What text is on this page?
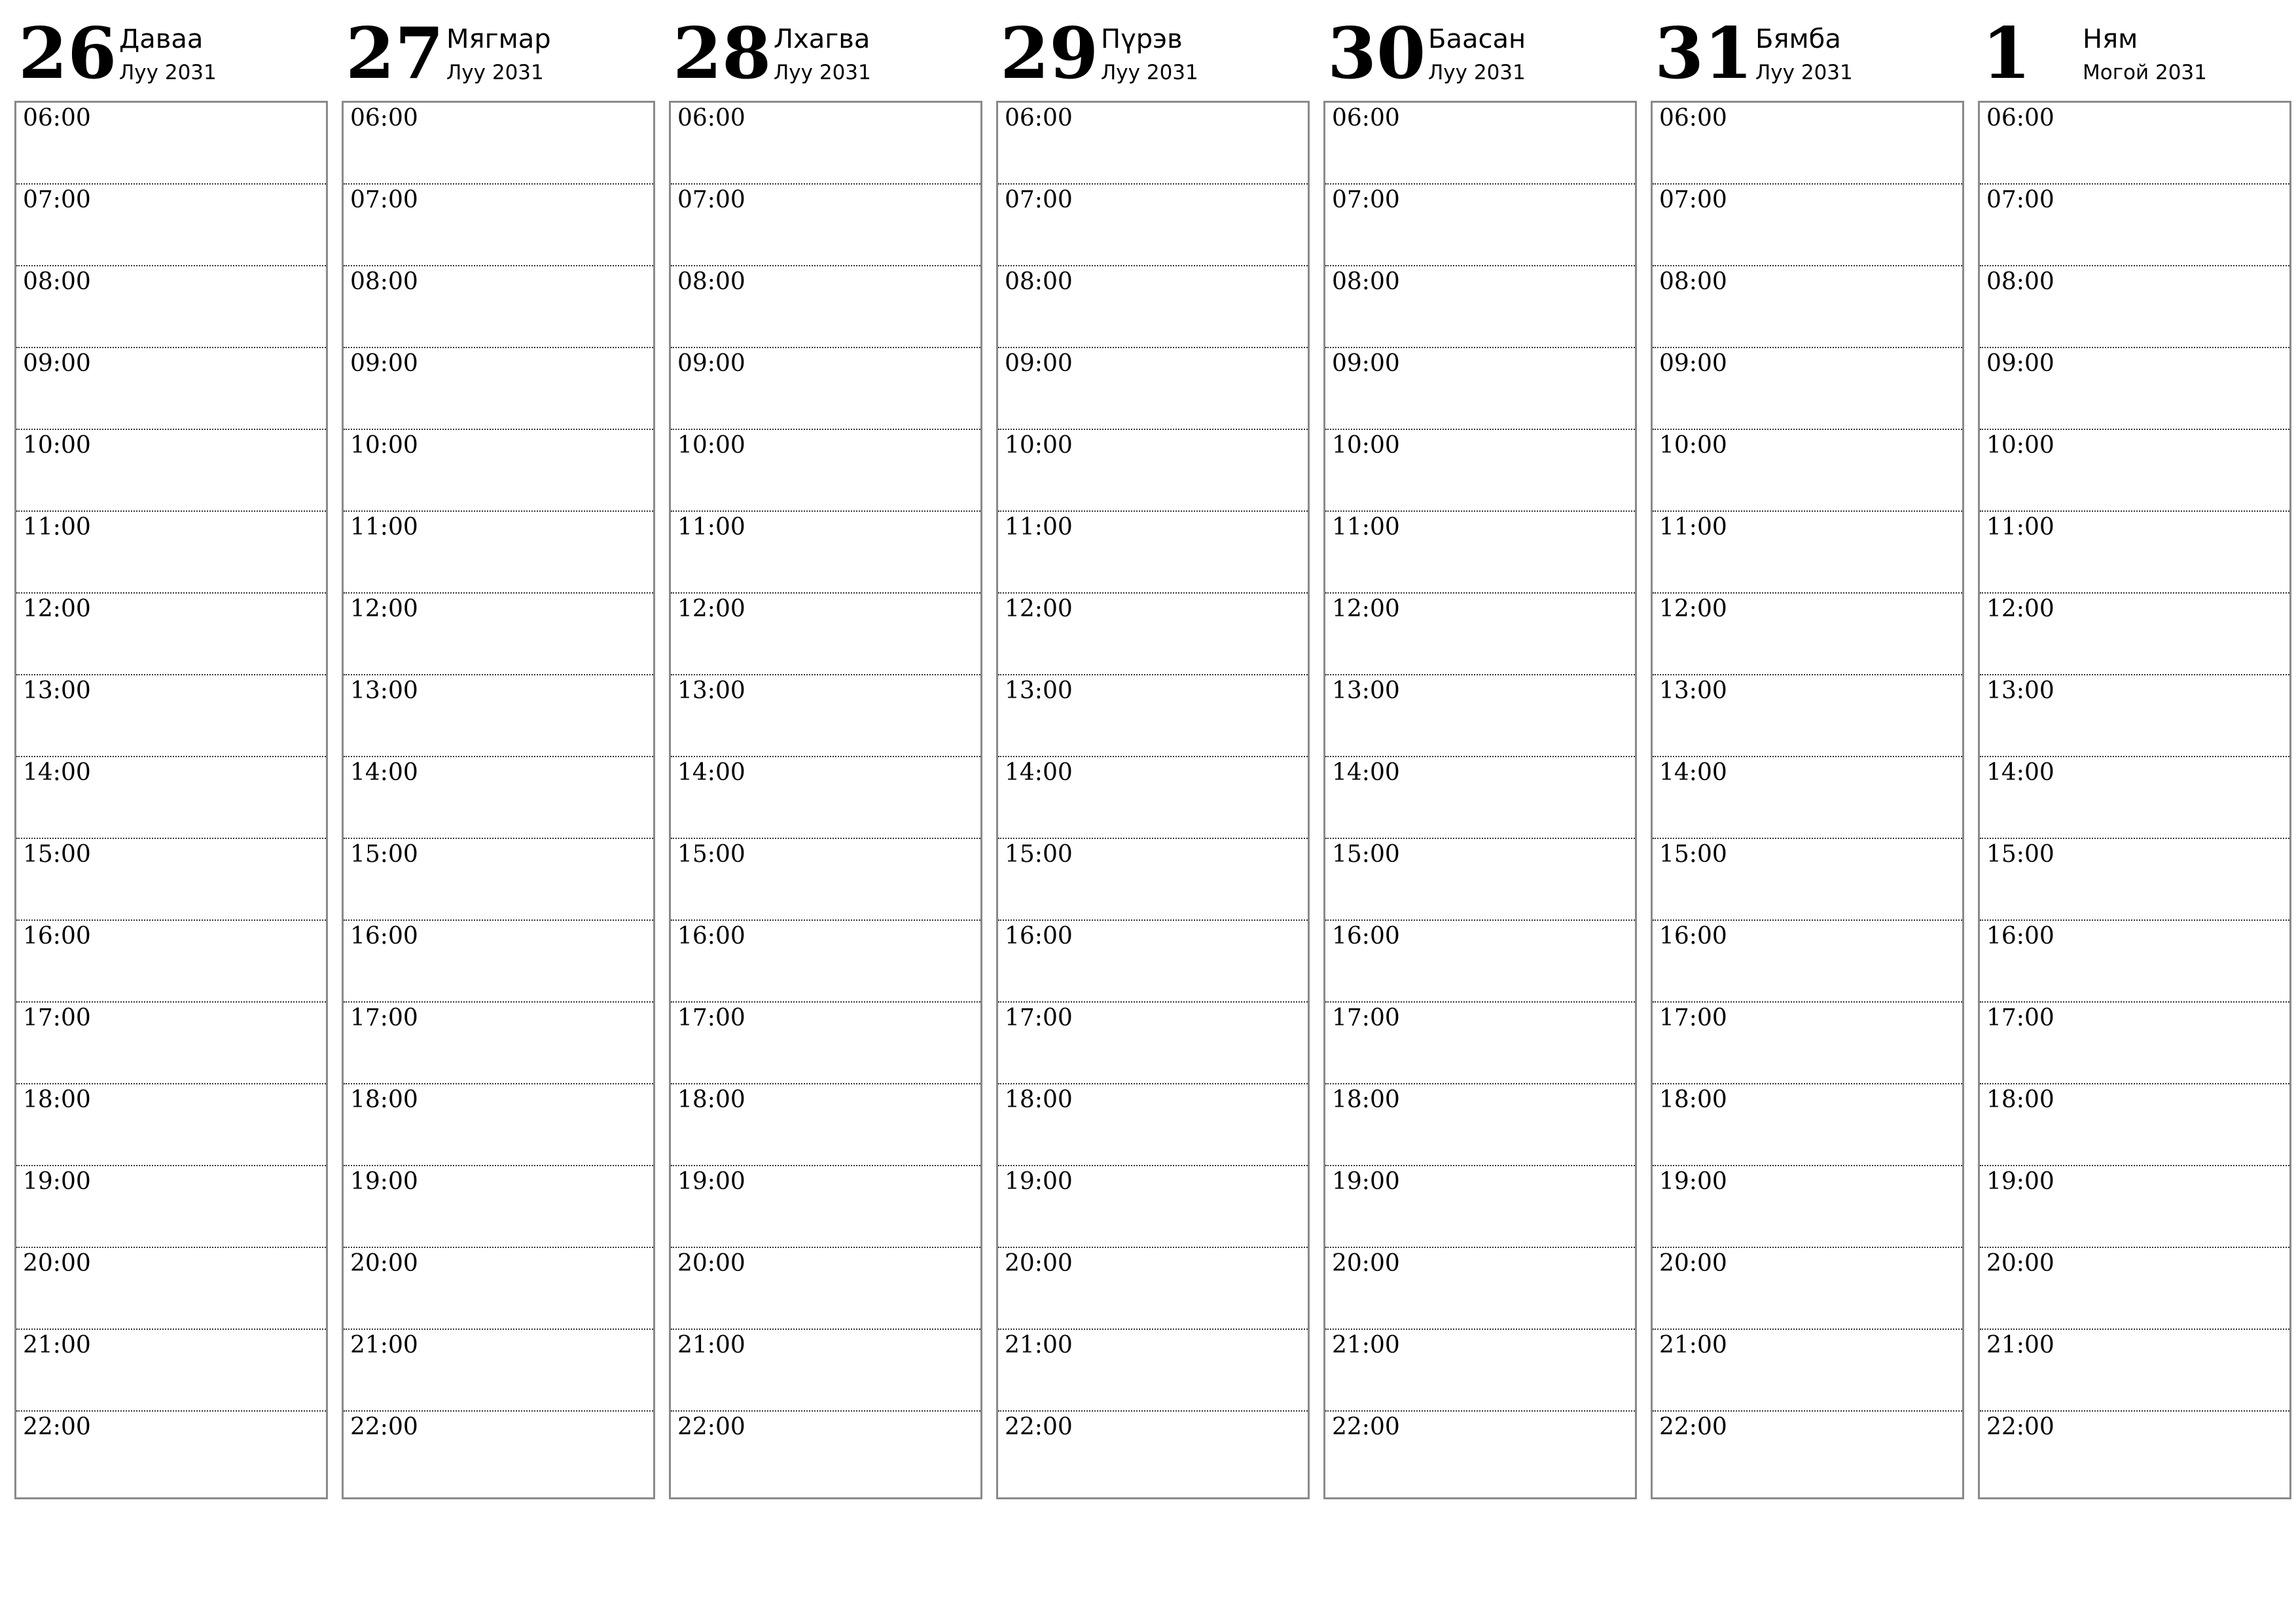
26 Даваа
Луу 2031
06:00
07:00
08:00
09:00
10:00
11:00
12:00
13:00
14:00
15:00
16:00
17:00
18:00
19:00
20:00
21:00
22:00
27 Мягмар
Луу 2031
06:00
07:00
08:00
09:00
10:00
11:00
12:00
13:00
14:00
15:00
16:00
17:00
18:00
19:00
20:00
21:00
22:00
28 Лхагва
Луу 2031
06:00
07:00
08:00
09:00
10:00
11:00
12:00
13:00
14:00
15:00
16:00
17:00
18:00
19:00
20:00
21:00
22:00
29 Пүрэв
Луу 2031
06:00
07:00
08:00
09:00
10:00
11:00
12:00
13:00
14:00
15:00
16:00
17:00
18:00
19:00
20:00
21:00
22:00
30 Баасан
Луу 2031
06:00
07:00
08:00
09:00
10:00
11:00
12:00
13:00
14:00
15:00
16:00
17:00
18:00
19:00
20:00
21:00
22:00
31 Бямба
Луу 2031
06:00
07:00
08:00
09:00
10:00
11:00
12:00
13:00
14:00
15:00
16:00
17:00
18:00
19:00
20:00
21:00
22:00
1 Ням
Могой 2031
06:00
07:00
08:00
09:00
10:00
11:00
12:00
13:00
14:00
15:00
16:00
17:00
18:00
19:00
20:00
21:00
22:00
